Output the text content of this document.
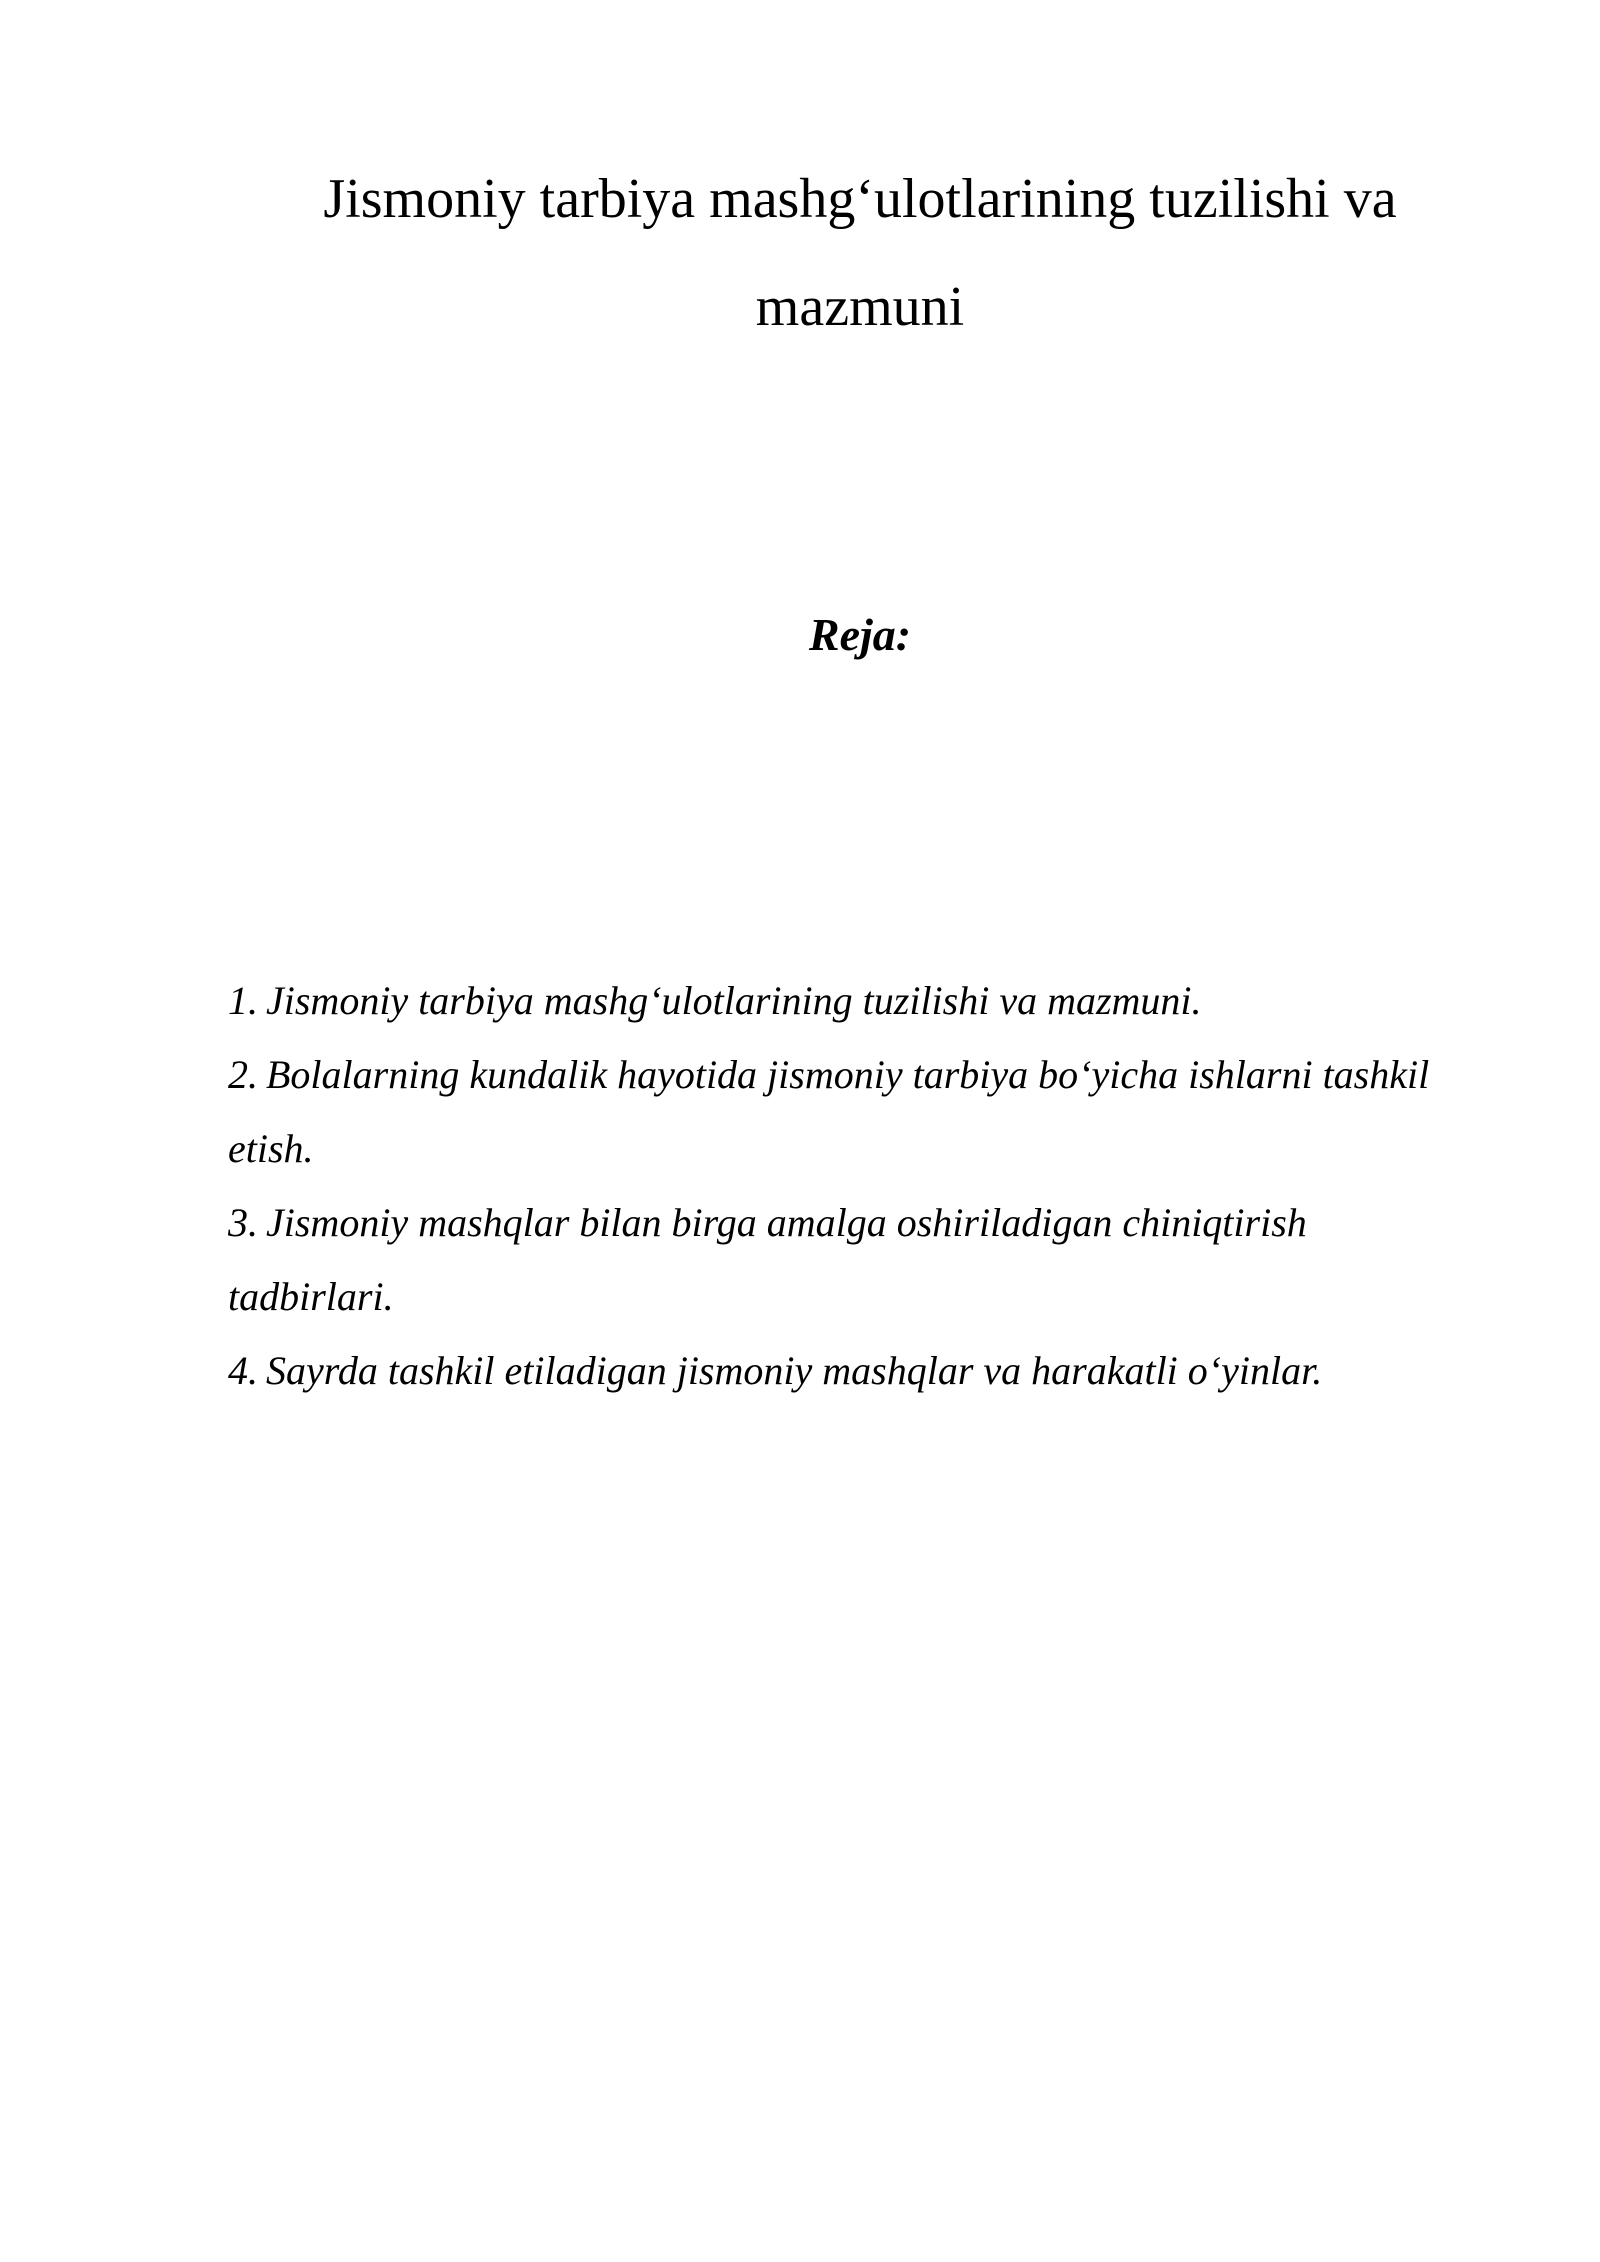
Jismoniy tarbiya mashg‘ulotlarining tuzilishi va mazmuni

Reja:

1. Jismoniy tarbiya mashg‘ulotlarining tuzilishi va mazmuni.
2. Bolalarning kundalik hayotida jismoniy tarbiya bo‘yicha ishlarni tashkil etish.
3. Jismoniy mashqlar bilan birga amalga oshiriladigan chiniqtirish tadbirlari.
4. Sayrda tashkil etiladigan jismoniy mashqlar va harakatli o‘yinlar.
